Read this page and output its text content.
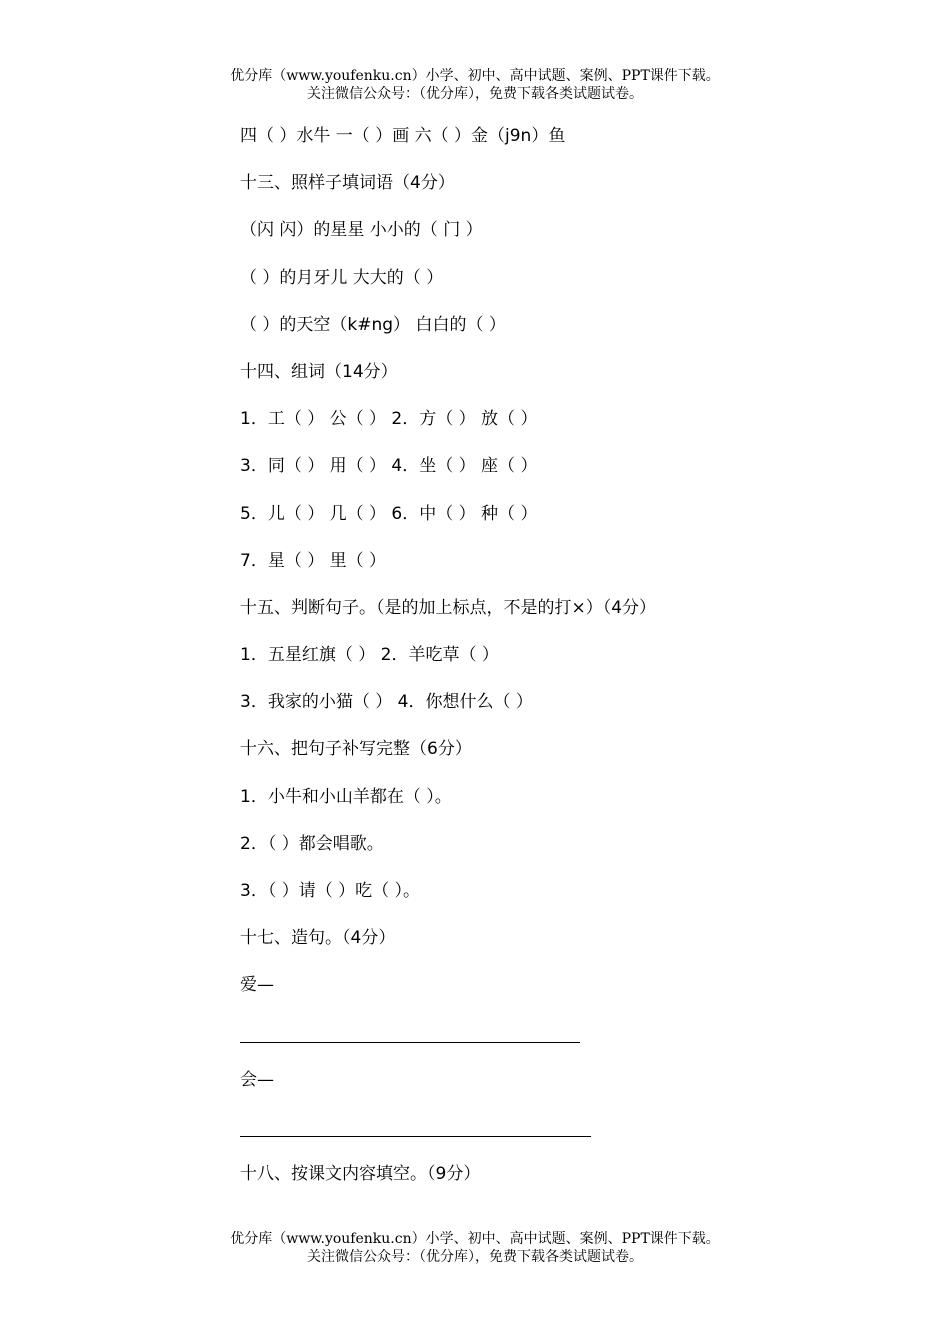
优分库（www.youfenku.cn）小学、初中、高中试题、案例、PPT课件下载。
关注微信公众号：（优分库），免费下载各类试题试卷。
四（ ）水牛 一（ ）画 六（ ）金（j9n）鱼
十三、照样子填词语（4分）
（闪 闪）的星星 小小的（ 门 ）
（ ）的月牙儿 大大的（ ）
（ ）的天空（k#ng） 白白的（ ）
十四、组词（14分）
1．工（ ） 公（ ） 2．方（ ） 放（ ）
3．同（ ） 用（ ） 4．坐（ ） 座（ ）
5．儿（ ） 几（ ） 6．中（ ） 种（ ）
7．星（ ） 里（ ）
十五、判断句子。（是的加上标点，不是的打×）（4分）
1．五星红旗（ ） 2．羊吃草（ ）
3．我家的小猫（ ） 4．你想什么（ ）
十六、把句子补写完整（6分）
1．小牛和小山羊都在（ ）。
2．（ ）都会唱歌。
3．（ ）请（ ）吃（ ）。
十七、造句。（4分）
爱—
会—
十八、按课文内容填空。（9分）
优分库（www.youfenku.cn）小学、初中、高中试题、案例、PPT课件下载。
关注微信公众号：（优分库），免费下载各类试题试卷。
